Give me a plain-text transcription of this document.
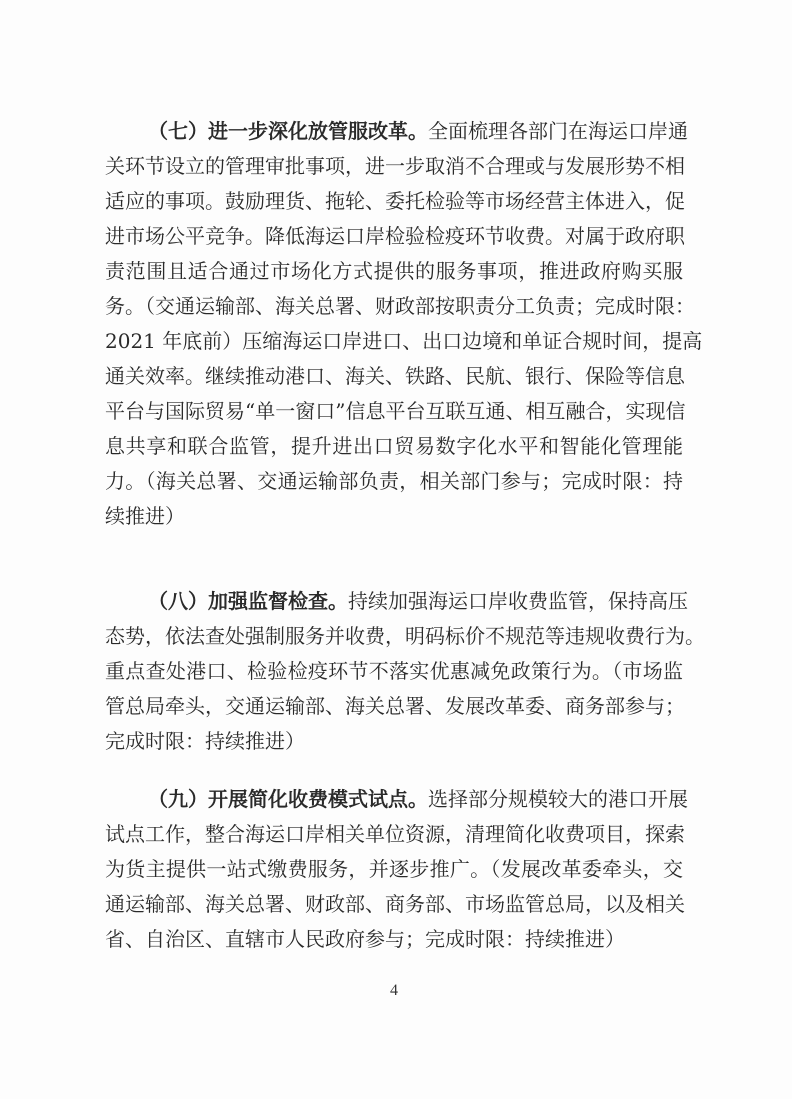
（七）进一步深化放管服改革。全面梳理各部门在海运口岸通
关环节设立的管理审批事项，进一步取消不合理或与发展形势不相
适应的事项。鼓励理货、拖轮、委托检验等市场经营主体进入，促
进市场公平竞争。降低海运口岸检验检疫环节收费。对属于政府职
责范围且适合通过市场化方式提供的服务事项，推进政府购买服
务。（交通运输部、海关总署、财政部按职责分工负责；完成时限：
2021 年底前）压缩海运口岸进口、出口边境和单证合规时间，提高
通关效率。继续推动港口、海关、铁路、民航、银行、保险等信息
平台与国际贸易“单一窗口”信息平台互联互通、相互融合，实现信
息共享和联合监管，提升进出口贸易数字化水平和智能化管理能
力。（海关总署、交通运输部负责，相关部门参与；完成时限：持
续推进）
（八）加强监督检查。持续加强海运口岸收费监管，保持高压
态势，依法查处强制服务并收费，明码标价不规范等违规收费行为。
重点查处港口、检验检疫环节不落实优惠减免政策行为。（市场监
管总局牵头，交通运输部、海关总署、发展改革委、商务部参与；
完成时限：持续推进）
（九）开展简化收费模式试点。选择部分规模较大的港口开展
试点工作，整合海运口岸相关单位资源，清理简化收费项目，探索
为货主提供一站式缴费服务，并逐步推广。（发展改革委牵头，交
通运输部、海关总署、财政部、商务部、市场监管总局，以及相关
省、自治区、直辖市人民政府参与；完成时限：持续推进）
4
